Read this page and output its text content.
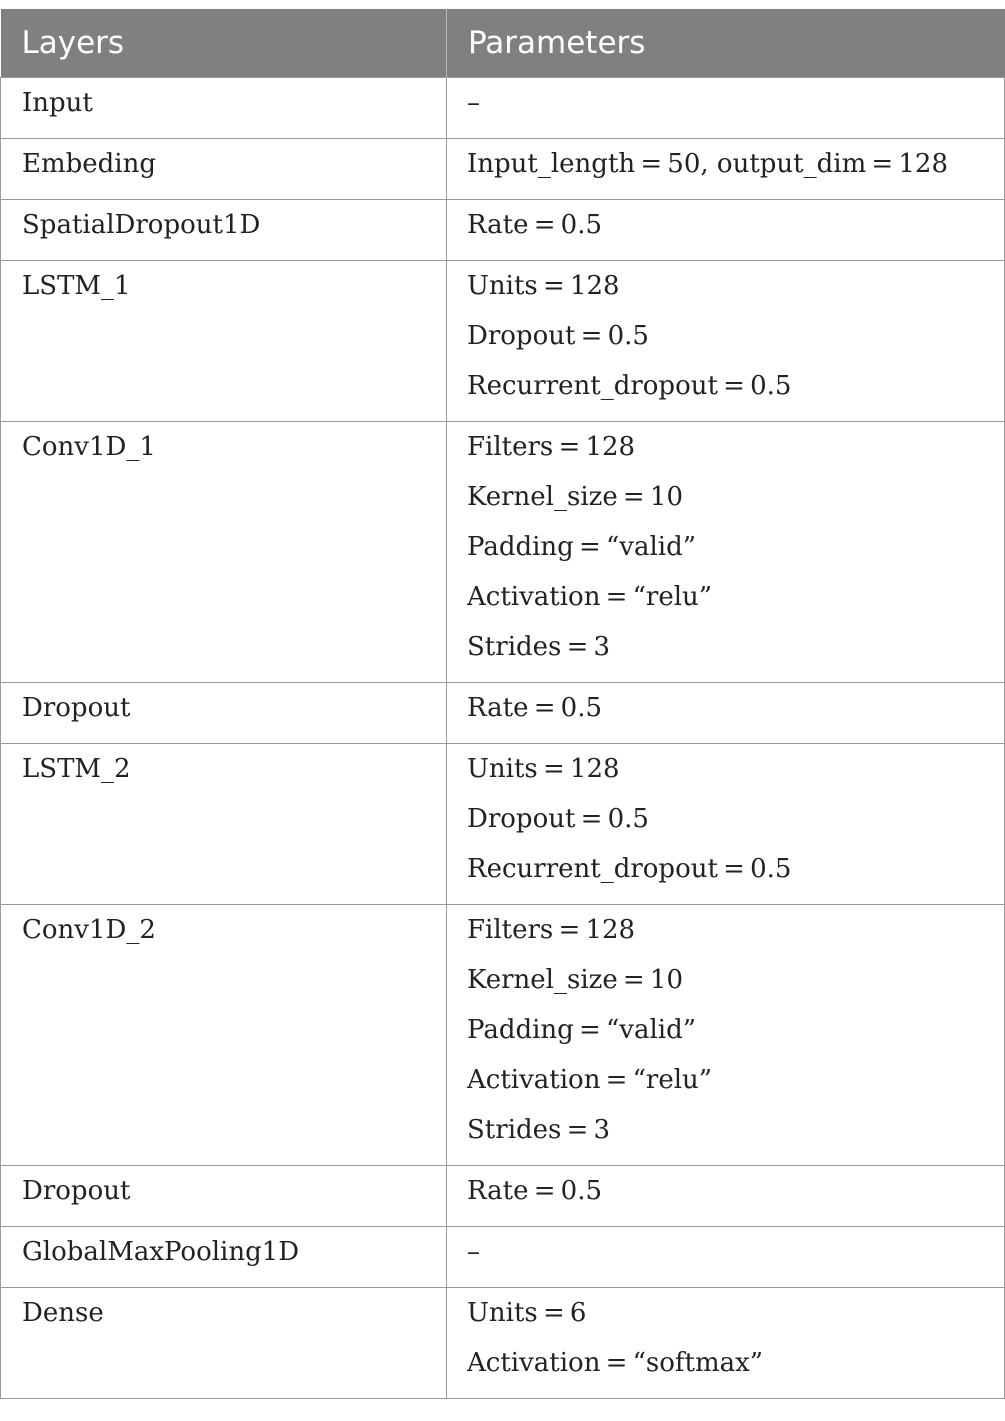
Layers	Parameters

Input	–

Embeding	Input_length = 50, output_dim = 128

SpatialDropout1D	Rate = 0.5

LSTM_1	Units = 128
Dropout = 0.5
Recurrent_dropout = 0.5

Conv1D_1	Filters = 128
Kernel_size = 10
Padding = “valid”
Activation = “relu”
Strides = 3

Dropout	Rate = 0.5

LSTM_2	Units = 128
Dropout = 0.5
Recurrent_dropout = 0.5

Conv1D_2	Filters = 128
Kernel_size = 10
Padding = “valid”
Activation = “relu”
Strides = 3

Dropout	Rate = 0.5

GlobalMaxPooling1D	–

Dense	Units = 6
Activation = “softmax”
